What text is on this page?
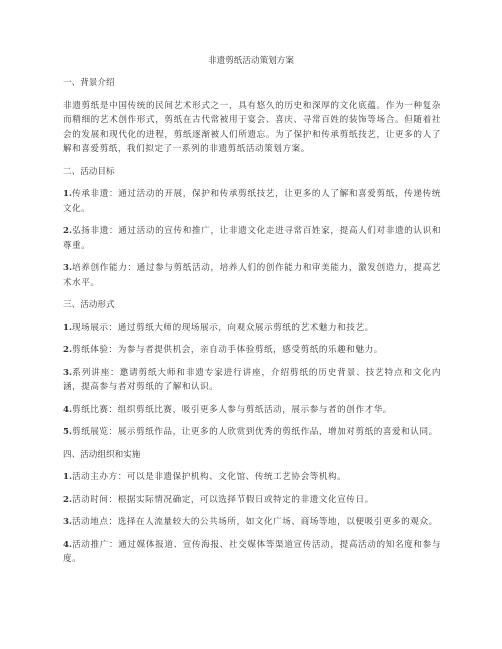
非遗剪纸活动策划方案
一、背景介绍

非遗剪纸是中国传统的民间艺术形式之一，具有悠久的历史和深厚的文化底蕴。作为一种复杂而精细的艺术创作形式，剪纸在古代常被用于宴会、喜庆、寻常百姓的装饰等场合。但随着社会的发展和现代化的进程，剪纸逐渐被人们所遗忘。为了保护和传承剪纸技艺，让更多的人了解和喜爱剪纸，我们拟定了一系列的非遗剪纸活动策划方案。

二、活动目标

1.传承非遗：通过活动的开展，保护和传承剪纸技艺，让更多的人了解和喜爱剪纸，传递传统文化。

2.弘扬非遗：通过活动的宣传和推广，让非遗文化走进寻常百姓家，提高人们对非遗的认识和尊重。

3.培养创作能力：通过参与剪纸活动，培养人们的创作能力和审美能力，激发创造力，提高艺术水平。

三、活动形式

1.现场展示：通过剪纸大师的现场展示，向观众展示剪纸的艺术魅力和技艺。

2.剪纸体验：为参与者提供机会，亲自动手体验剪纸，感受剪纸的乐趣和魅力。

3.系列讲座：邀请剪纸大师和非遗专家进行讲座，介绍剪纸的历史背景、技艺特点和文化内涵，提高参与者对剪纸的了解和认识。

4.剪纸比赛：组织剪纸比赛，吸引更多人参与剪纸活动，展示参与者的创作才华。

5.剪纸展览：展示剪纸作品，让更多的人欣赏到优秀的剪纸作品，增加对剪纸的喜爱和认同。

四、活动组织和实施

1.活动主办方：可以是非遗保护机构、文化馆、传统工艺协会等机构。

2.活动时间：根据实际情况确定，可以选择节假日或特定的非遗文化宣传日。

3.活动地点：选择在人流量较大的公共场所，如文化广场、商场等地，以便吸引更多的观众。

4.活动推广：通过媒体报道、宣传海报、社交媒体等渠道宣传活动，提高活动的知名度和参与度。
